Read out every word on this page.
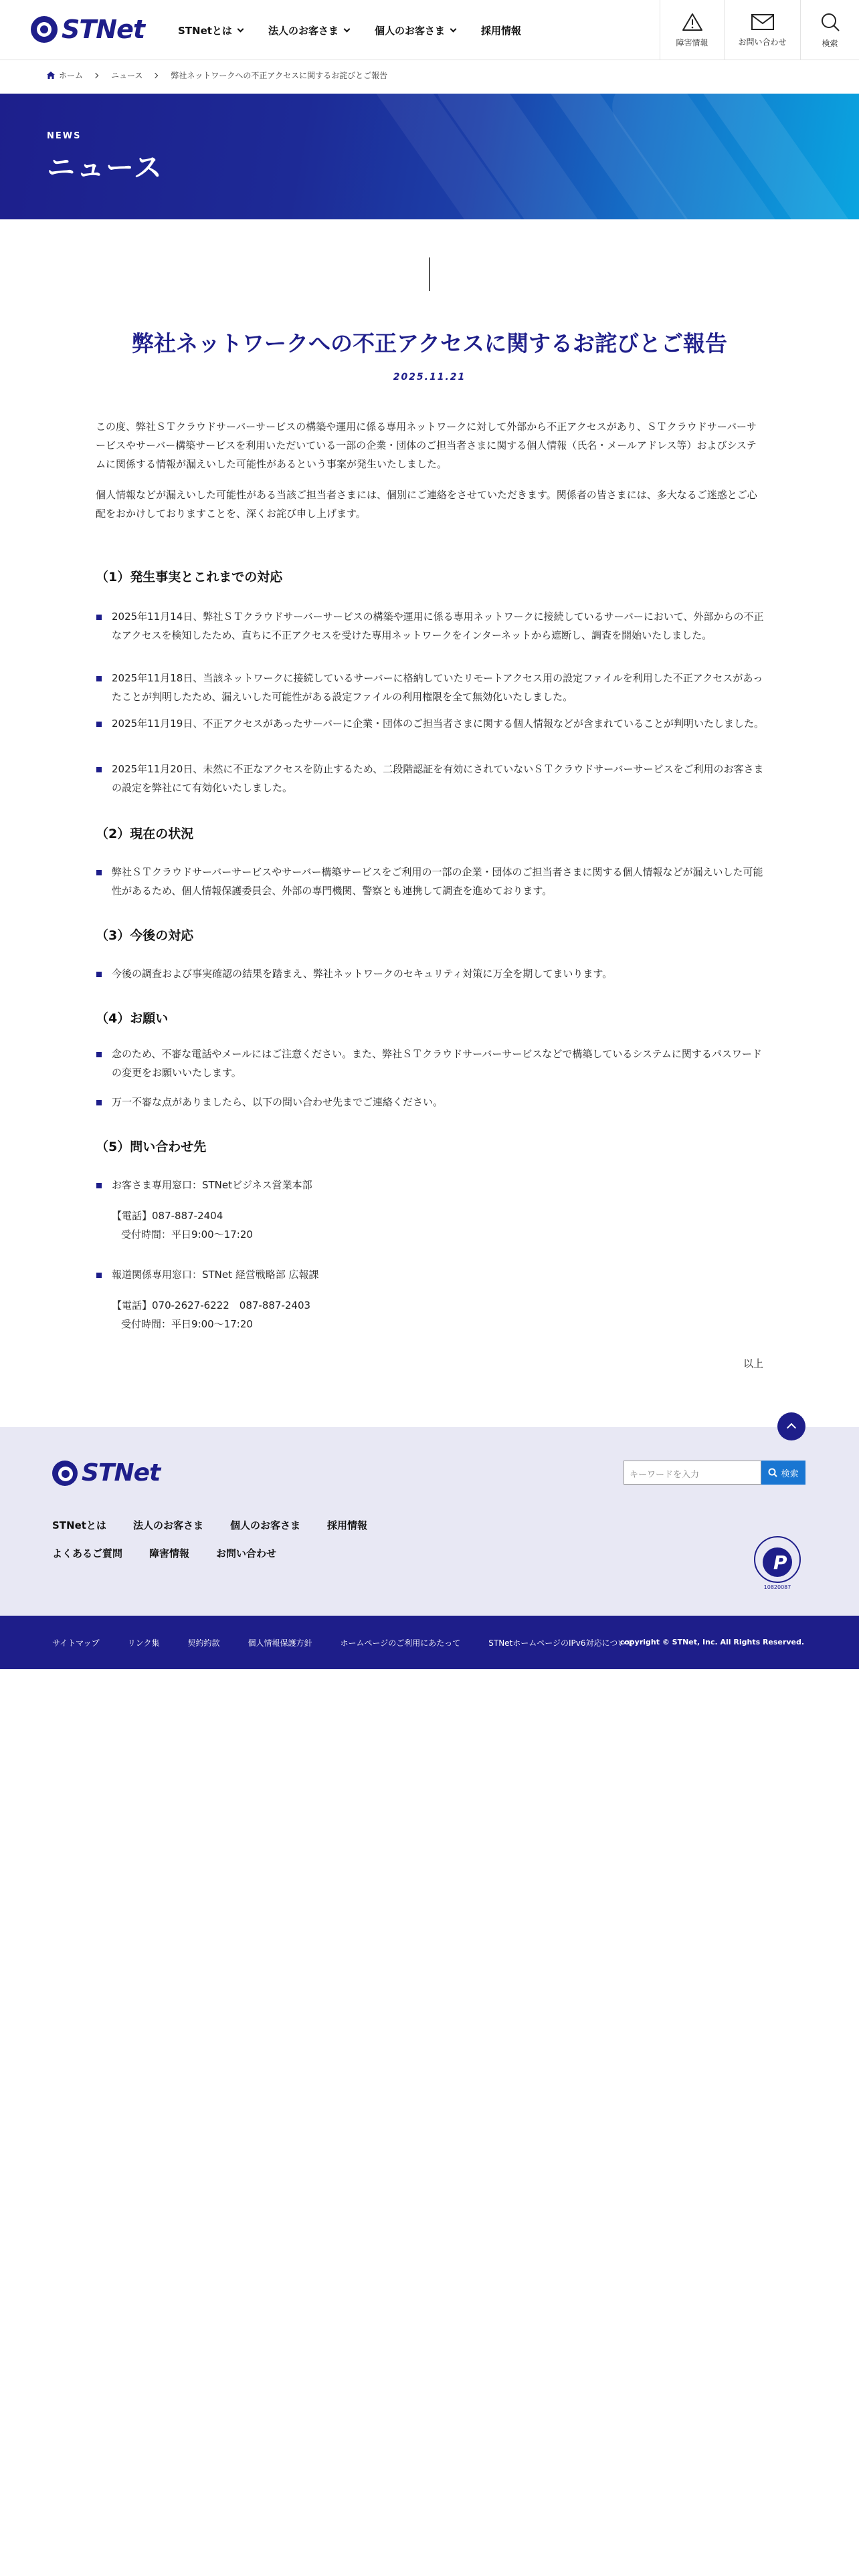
STNet	STNetとは	法人のお客さま	個人のお客さま	採用情報
障害情報	お問い合わせ	検索
ホーム	ニュース	弊社ネットワークへの不正アクセスに関するお詫びとご報告
NEWS
ニュース
弊社ネットワークへの不正アクセスに関するお詫びとご報告
2025.11.21

この度、弊社ＳＴクラウドサーバーサービスの構築や運用に係る専用ネットワークに対して外部から不正アクセスがあり、ＳＴクラウドサーバーサービスやサーバー構築サービスを利用いただいている一部の企業・団体のご担当者さまに関する個人情報（氏名・メールアドレス等）およびシステムに関係する情報が漏えいした可能性があるという事案が発生いたしました。

個人情報などが漏えいした可能性がある当該ご担当者さまには、個別にご連絡をさせていただきます。関係者の皆さまには、多大なるご迷惑とご心配をおかけしておりますことを、深くお詫び申し上げます。

（1）発生事実とこれまでの対応
2025年11月14日、弊社ＳＴクラウドサーバーサービスの構築や運用に係る専用ネットワークに接続しているサーバーにおいて、外部からの不正なアクセスを検知したため、直ちに不正アクセスを受けた専用ネットワークをインターネットから遮断し、調査を開始いたしました。
2025年11月18日、当該ネットワークに接続しているサーバーに格納していたリモートアクセス用の設定ファイルを利用した不正アクセスがあったことが判明したため、漏えいした可能性がある設定ファイルの利用権限を全て無効化いたしました。
2025年11月19日、不正アクセスがあったサーバーに企業・団体のご担当者さまに関する個人情報などが含まれていることが判明いたしました。
2025年11月20日、未然に不正なアクセスを防止するため、二段階認証を有効にされていないＳＴクラウドサーバーサービスをご利用のお客さまの設定を弊社にて有効化いたしました。
（2）現在の状況
弊社ＳＴクラウドサーバーサービスやサーバー構築サービスをご利用の一部の企業・団体のご担当者さまに関する個人情報などが漏えいした可能性があるため、個人情報保護委員会、外部の専門機関、警察とも連携して調査を進めております。
（3）今後の対応
今後の調査および事実確認の結果を踏まえ、弊社ネットワークのセキュリティ対策に万全を期してまいります。
（4）お願い
念のため、不審な電話やメールにはご注意ください。また、弊社ＳＴクラウドサーバーサービスなどで構築しているシステムに関するパスワードの変更をお願いいたします。
万一不審な点がありましたら、以下の問い合わせ先までご連絡ください。
（5）問い合わせ先
お客さま専用窓口：STNetビジネス営業本部
【電話】087-887-2404
受付時間：平日9:00～17:20
報道関係専用窓口：STNet 経営戦略部 広報課
【電話】070-2627-6222　087-887-2403
受付時間：平日9:00～17:20
以上
STNet	キーワードを入力	検索
STNetとは	法人のお客さま	個人のお客さま	採用情報
よくあるご質問	障害情報	お問い合わせ	P
10820087
サイトマップ	リンク集	契約約款	個人情報保護方針	ホームページのご利用にあたって	STNetホームページのIPv6対応について
copyright © STNet, Inc. All Rights Reserved.
